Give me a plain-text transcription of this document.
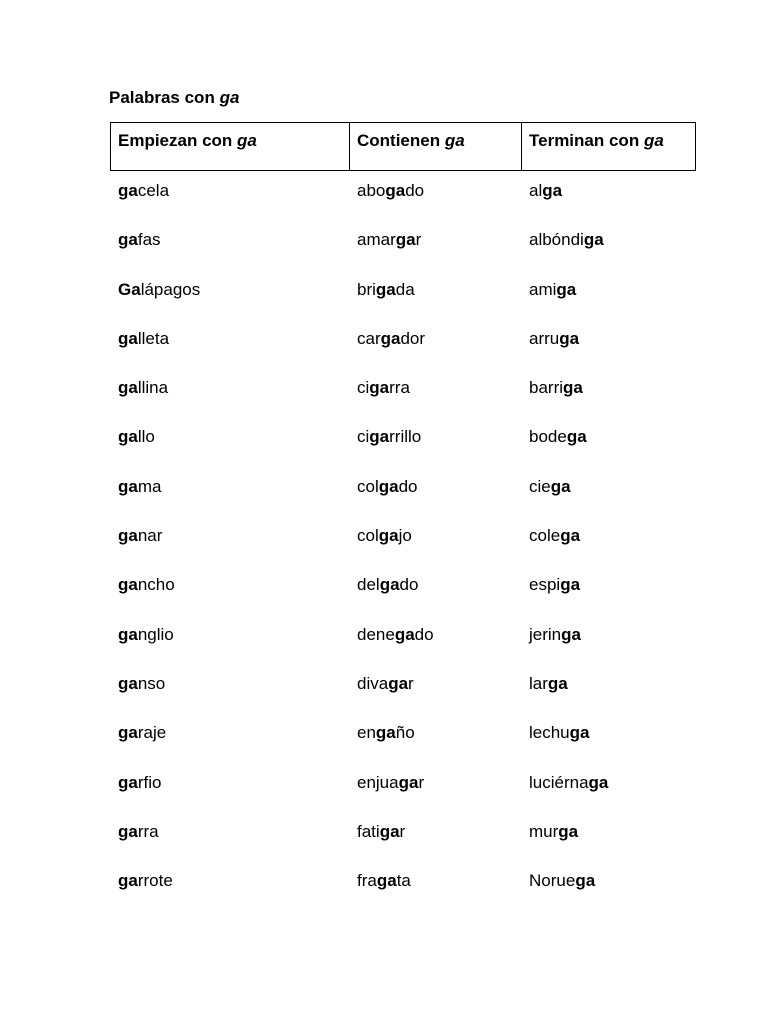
Palabras con ga
Empiezan con ga	Contienen ga	Terminan con ga
gacela	abogado	alga
gafas	amargar	albóndiga
Galápagos	brigada	amiga
galleta	cargador	arruga
gallina	cigarra	barriga
gallo	cigarrillo	bodega
gama	colgado	ciega
ganar	colgajo	colega
gancho	delgado	espiga
ganglio	denegado	jeringa
ganso	divagar	larga
garaje	engaño	lechuga
garfio	enjuagar	luciérnaga
garra	fatigar	murga
garrote	fragata	Noruega
